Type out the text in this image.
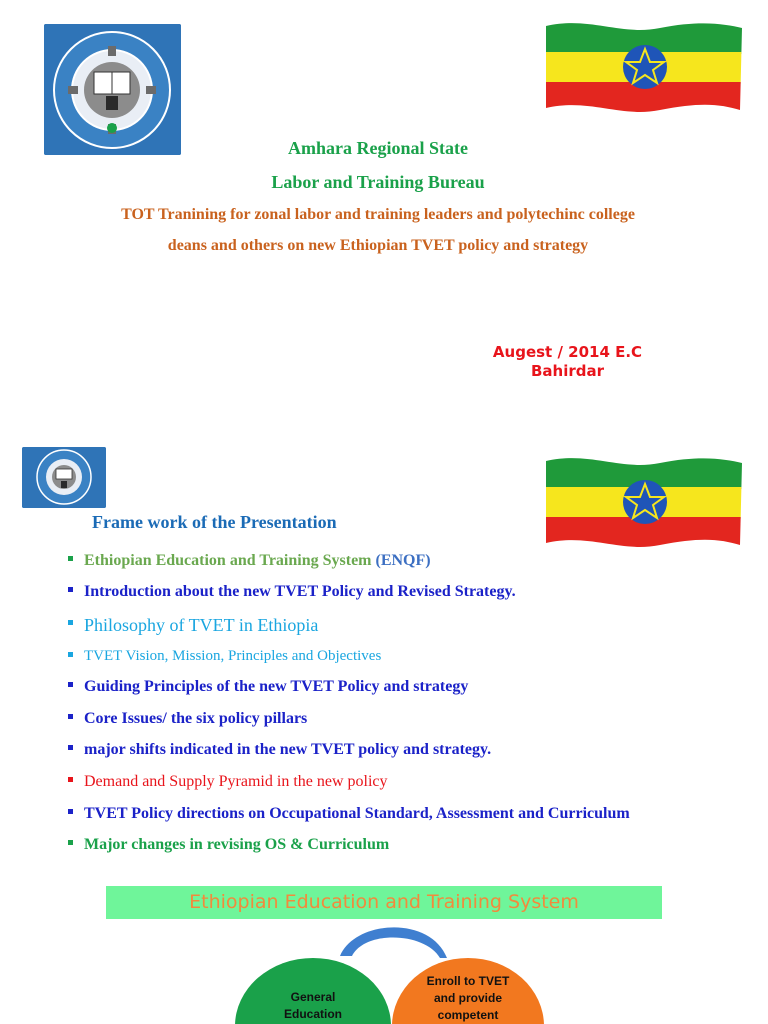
Amhara Regional State
Labor and Training Bureau
TOT Tranining for zonal labor and training leaders and polytechinc college
deans and others on new Ethiopian TVET policy and strategy
Augest / 2014 E.C
Bahirdar
Frame work of the Presentation
Ethiopian Education and Training System (ENQF)
Introduction about the new TVET Policy and Revised Strategy.
Philosophy of TVET in Ethiopia
TVET Vision, Mission, Principles and Objectives
Guiding Principles of the new TVET Policy and strategy
Core Issues/ the six policy pillars
major shifts indicated in the new TVET policy and strategy.
Demand and Supply Pyramid in the new policy
TVET Policy directions on Occupational Standard, Assessment and Curriculum
Major changes in revising OS & Curriculum
Ethiopian Education and Training System
General
Education
Enroll to TVET
and provide
competent
